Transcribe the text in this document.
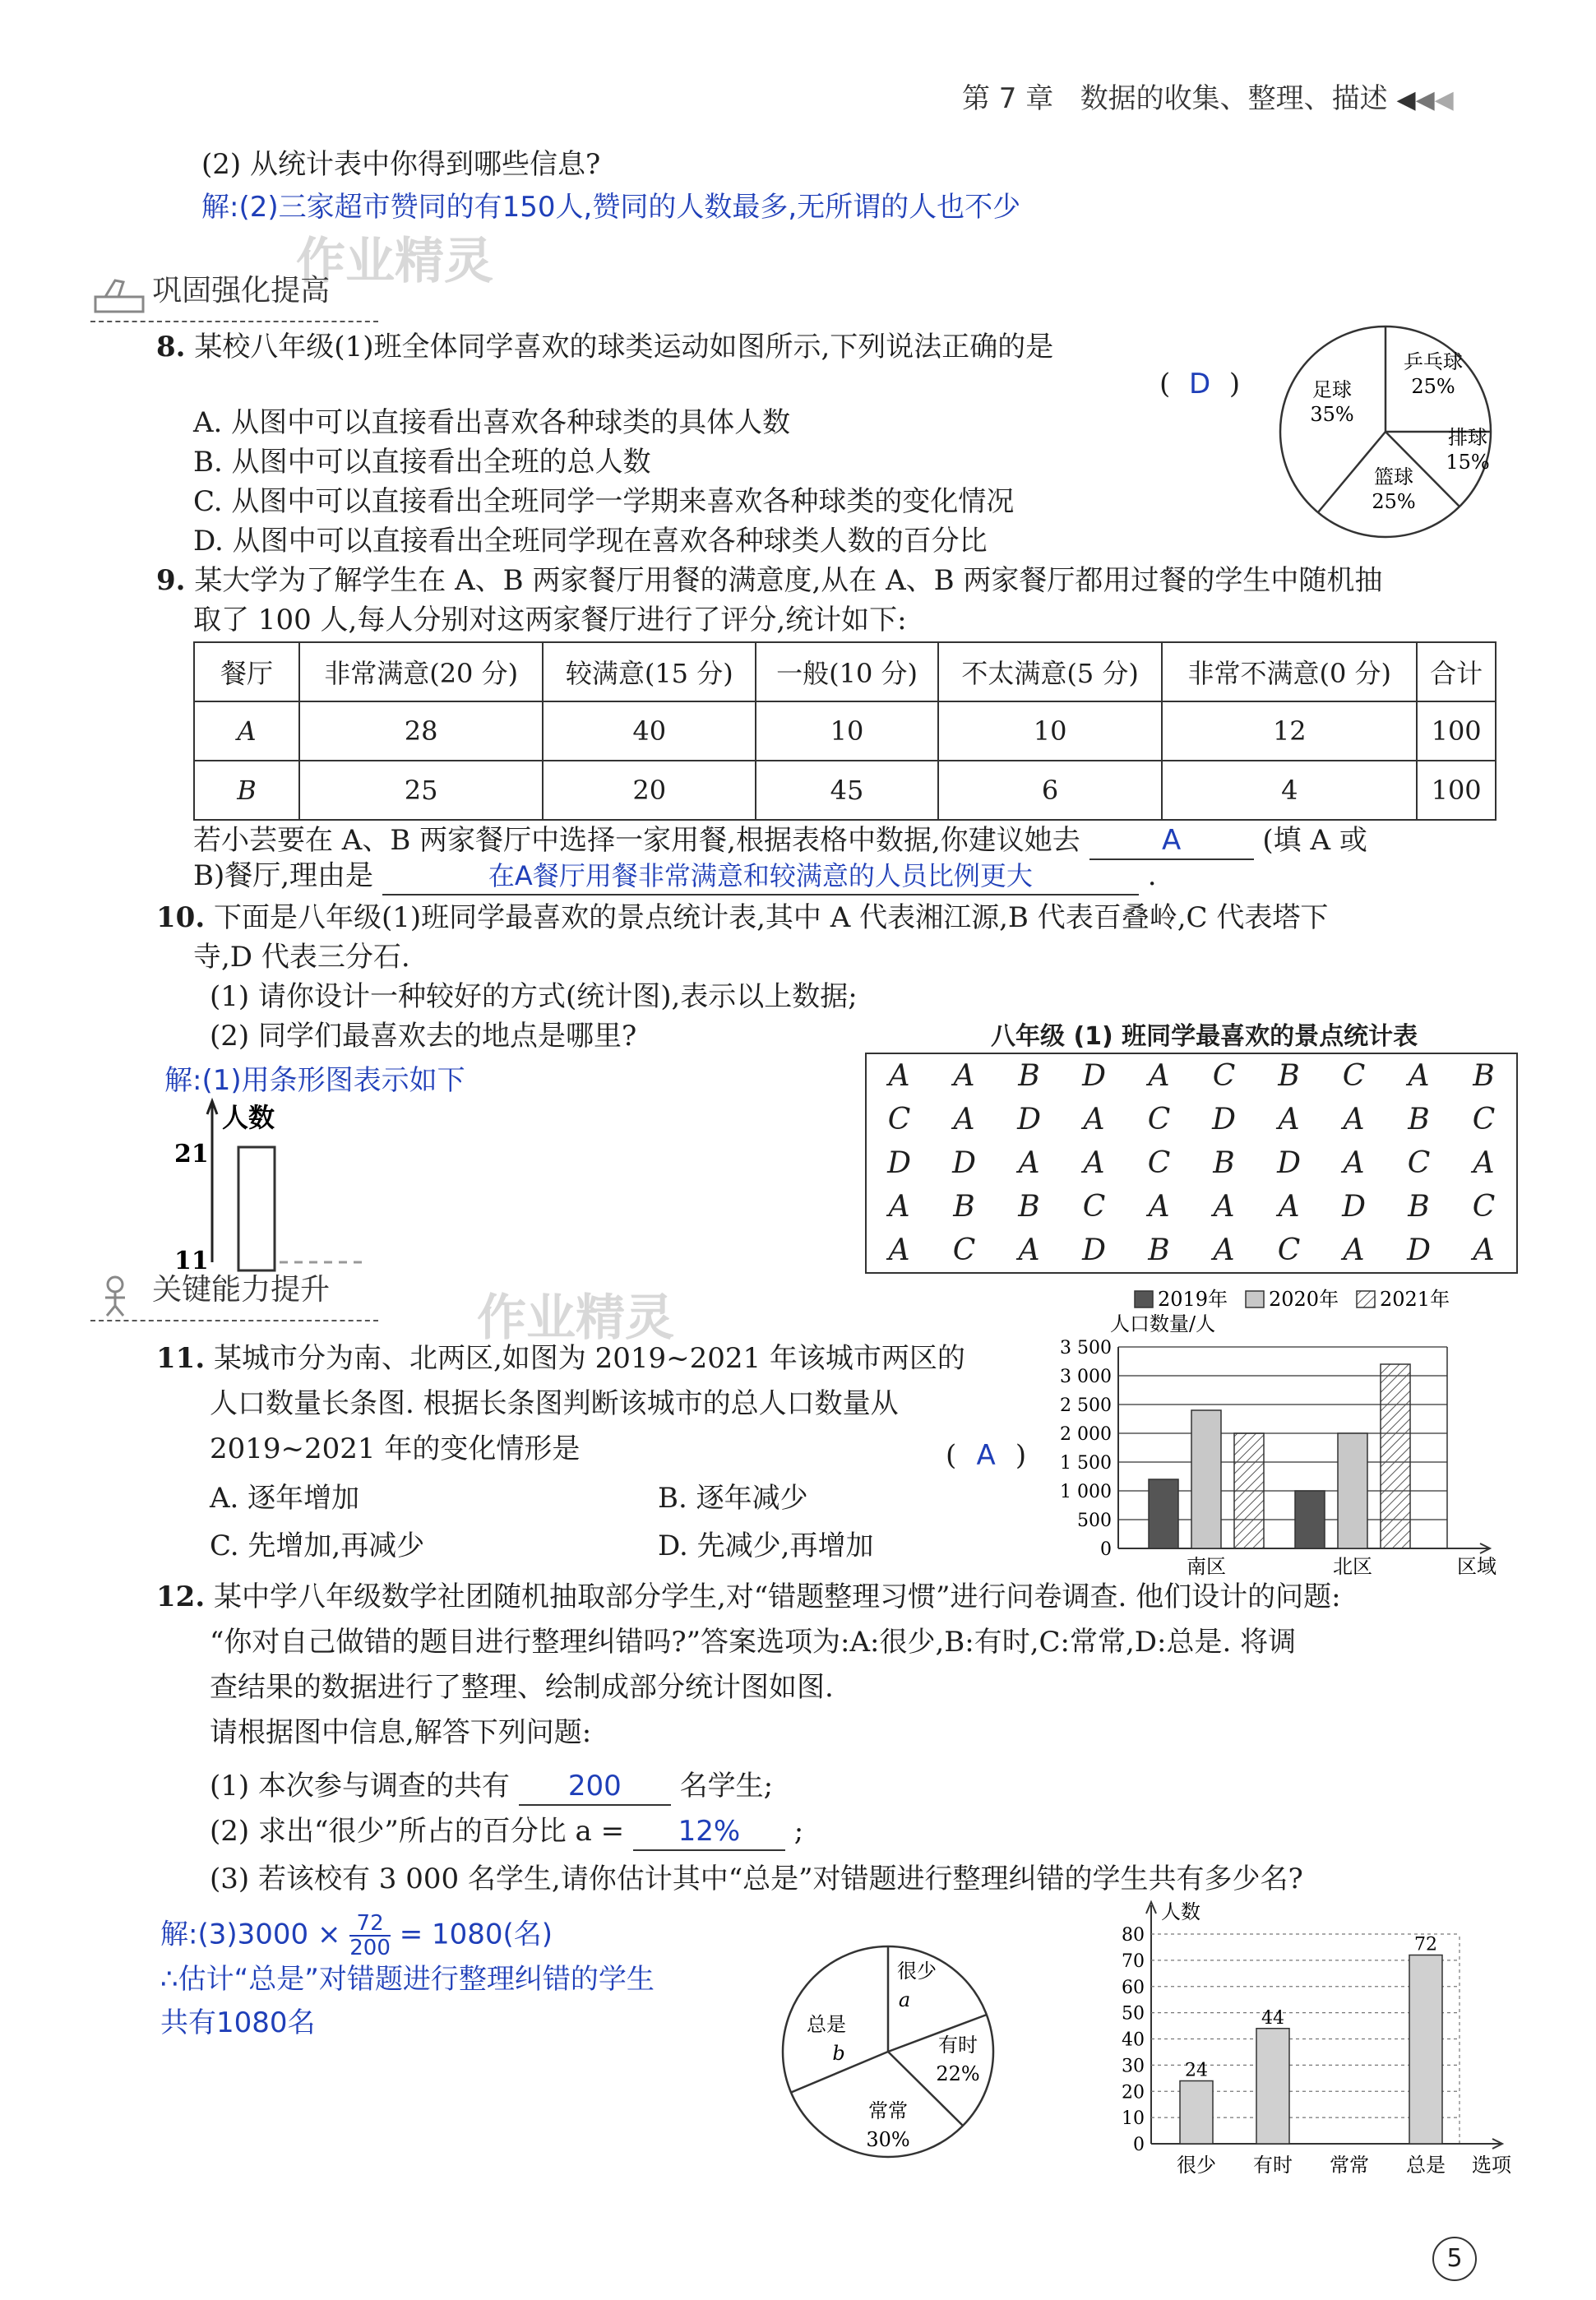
第 7 章 数据的收集、整理、描述 ◀◀◀
(2) 从统计表中你得到哪些信息?
解:(2)三家超市赞同的有150人,赞同的人数最多,无所谓的人也不少
作业精灵
巩固强化提高
8. 某校八年级(1)班全体同学喜欢的球类运动如图所示,下列说法正确的是
( D )
A. 从图中可以直接看出喜欢各种球类的具体人数
B. 从图中可以直接看出全班的总人数
C. 从图中可以直接看出全班同学一学期来喜欢各种球类的变化情况
D. 从图中可以直接看出全班同学现在喜欢各种球类人数的百分比
足球
35%
乒乓球
25%
排球
15%
篮球
25%
9. 某大学为了解学生在 A、B 两家餐厅用餐的满意度,从在 A、B 两家餐厅都用过餐的学生中随机抽
取了 100 人,每人分别对这两家餐厅进行了评分,统计如下:
餐厅	非常满意(20 分)	较满意(15 分)	一般(10 分)	不太满意(5 分)	非常不满意(0 分)	合计
A	28	40	10	10	12	100
B	25	20	45	6	4	100
若小芸要在 A、B 两家餐厅中选择一家用餐,根据表格中数据,你建议她去	A	(填 A 或
B)餐厅,理由是	在A餐厅用餐非常满意和较满意的人员比例更大	.
10. 下面是八年级(1)班同学最喜欢的景点统计表,其中 A 代表湘江源,B 代表百叠岭,C 代表塔下
寺,D 代表三分石.
(1) 请你设计一种较好的方式(统计图),表示以上数据;
(2) 同学们最喜欢去的地点是哪里?	八年级 (1) 班同学最喜欢的景点统计表
A	A	B	D	A	C	B	C	A	B
C	A	D	A	C	D	A	A	B	C
D	D	A	A	C	B	D	A	C	A
A	B	B	C	A	A	A	D	B	C
A	C	A	D	B	A	C	A	D	A
解:(1)用条形图表示如下
人数
21
11
关键能力提升	作业精灵
11. 某城市分为南、北两区,如图为 2019~2021 年该城市两区的
人口数量长条图. 根据长条图判断该城市的总人口数量从
2019~2021 年的变化情形是	( A )
A. 逐年增加	B. 逐年减少
C. 先增加,再减少	D. 先减少,再增加
2019年 2020年 2021年
人口数量/人
0
500
1 000
1 500
2 000
2 500
3 000
3 500
南区	北区	区域
12. 某中学八年级数学社团随机抽取部分学生,对“错题整理习惯”进行问卷调查. 他们设计的问题:
“你对自己做错的题目进行整理纠错吗?”答案选项为:A:很少,B:有时,C:常常,D:总是. 将调
查结果的数据进行了整理、绘制成部分统计图如图.
请根据图中信息,解答下列问题:
(1) 本次参与调查的共有 200 名学生;
(2) 求出“很少”所占的百分比 a = 12% ;
(3) 若该校有 3 000 名学生,请你估计其中“总是”对错题进行整理纠错的学生共有多少名?
解:(3)3000 × $\frac{72}{200} = 1080$(名)
∴估计“总是”对错题进行整理纠错的学生
共有1080名
很少
a
有时
22%
常常
30%
总是
b
人数
0
10
20
30
40
50
60
70
80
24
很少
44
有时 常常
72
总是 选项
5
